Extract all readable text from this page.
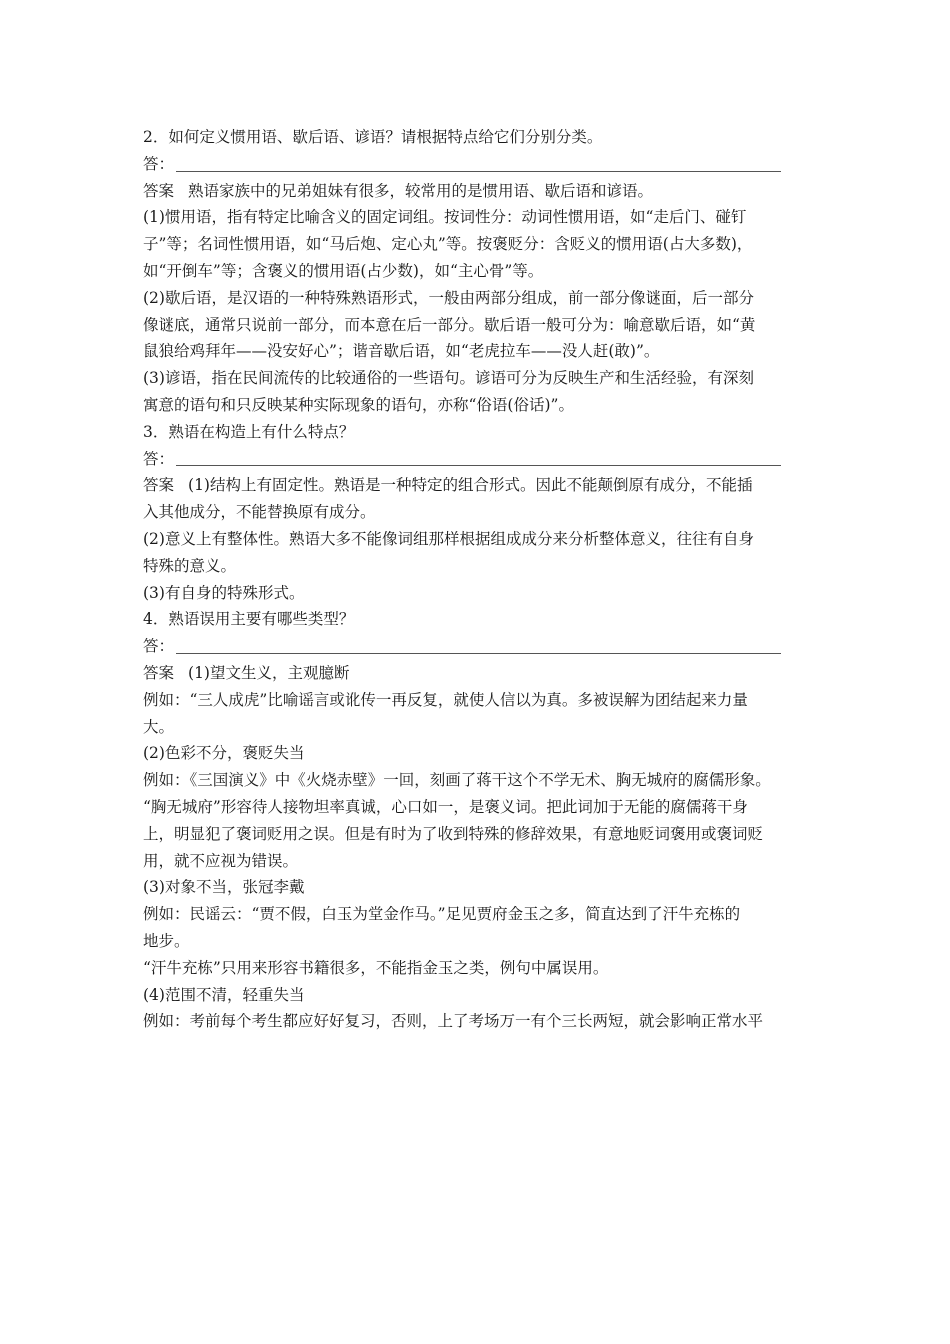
2．如何定义惯用语、歇后语、谚语？请根据特点给它们分别分类。
答：
答案 熟语家族中的兄弟姐妹有很多，较常用的是惯用语、歇后语和谚语。
(1)惯用语，指有特定比喻含义的固定词组。按词性分：动词性惯用语，如“走后门、碰钉
子”等；名词性惯用语，如“马后炮、定心丸”等。按褒贬分：含贬义的惯用语(占大多数)，
如“开倒车”等；含褒义的惯用语(占少数)，如“主心骨”等。
(2)歇后语，是汉语的一种特殊熟语形式，一般由两部分组成，前一部分像谜面，后一部分
像谜底，通常只说前一部分，而本意在后一部分。歇后语一般可分为：喻意歇后语，如“黄
鼠狼给鸡拜年——没安好心”；谐音歇后语，如“老虎拉车——没人赶(敢)”。
(3)谚语，指在民间流传的比较通俗的一些语句。谚语可分为反映生产和生活经验，有深刻
寓意的语句和只反映某种实际现象的语句，亦称“俗语(俗话)”。
3．熟语在构造上有什么特点？
答：
答案 (1)结构上有固定性。熟语是一种特定的组合形式。因此不能颠倒原有成分，不能插
入其他成分，不能替换原有成分。
(2)意义上有整体性。熟语大多不能像词组那样根据组成成分来分析整体意义，往往有自身
特殊的意义。
(3)有自身的特殊形式。
4．熟语误用主要有哪些类型？
答：
答案 (1)望文生义，主观臆断
例如：“三人成虎”比喻谣言或讹传一再反复，就使人信以为真。多被误解为团结起来力量
大。
(2)色彩不分，褒贬失当
例如：《三国演义》中《火烧赤壁》一回，刻画了蒋干这个不学无术、胸无城府的腐儒形象。
“胸无城府”形容待人接物坦率真诚，心口如一，是褒义词。把此词加于无能的腐儒蒋干身
上，明显犯了褒词贬用之误。但是有时为了收到特殊的修辞效果，有意地贬词褒用或褒词贬
用，就不应视为错误。
(3)对象不当，张冠李戴
例如：民谣云：“贾不假，白玉为堂金作马。”足见贾府金玉之多，简直达到了汗牛充栋的
地步。
“汗牛充栋”只用来形容书籍很多，不能指金玉之类，例句中属误用。
(4)范围不清，轻重失当
例如：考前每个考生都应好好复习，否则，上了考场万一有个三长两短，就会影响正常水平
